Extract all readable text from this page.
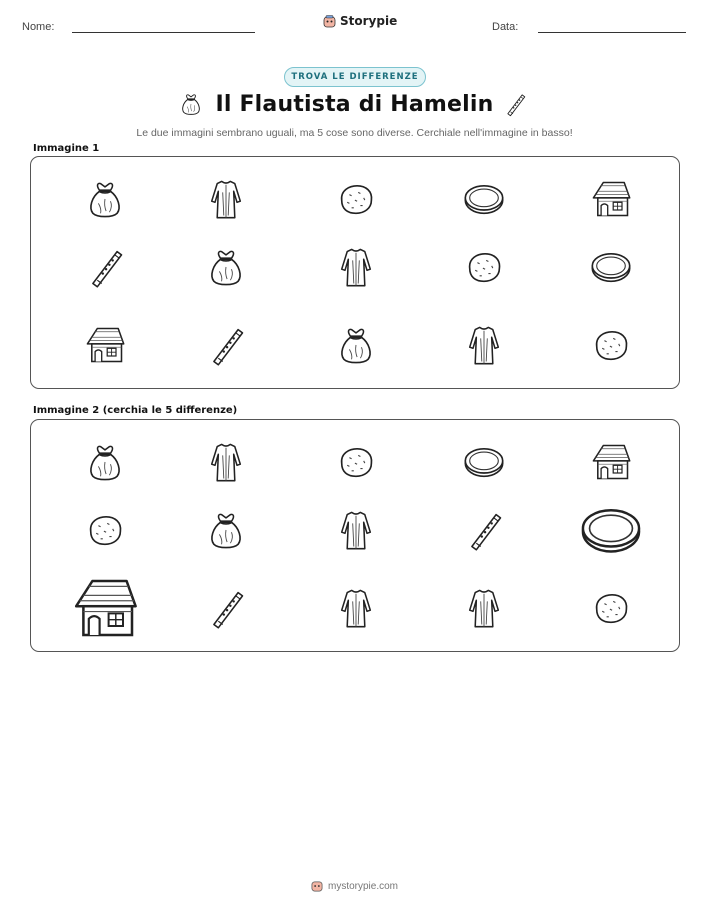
Nome:	Storypie	Data:
TROVA LE DIFFERENZE
Il Flautista di Hamelin
Le due immagini sembrano uguali, ma 5 cose sono diverse. Cerchiale nell'immagine in basso!
Immagine 1
Immagine 2 (cerchia le 5 differenze)
mystorypie.com
